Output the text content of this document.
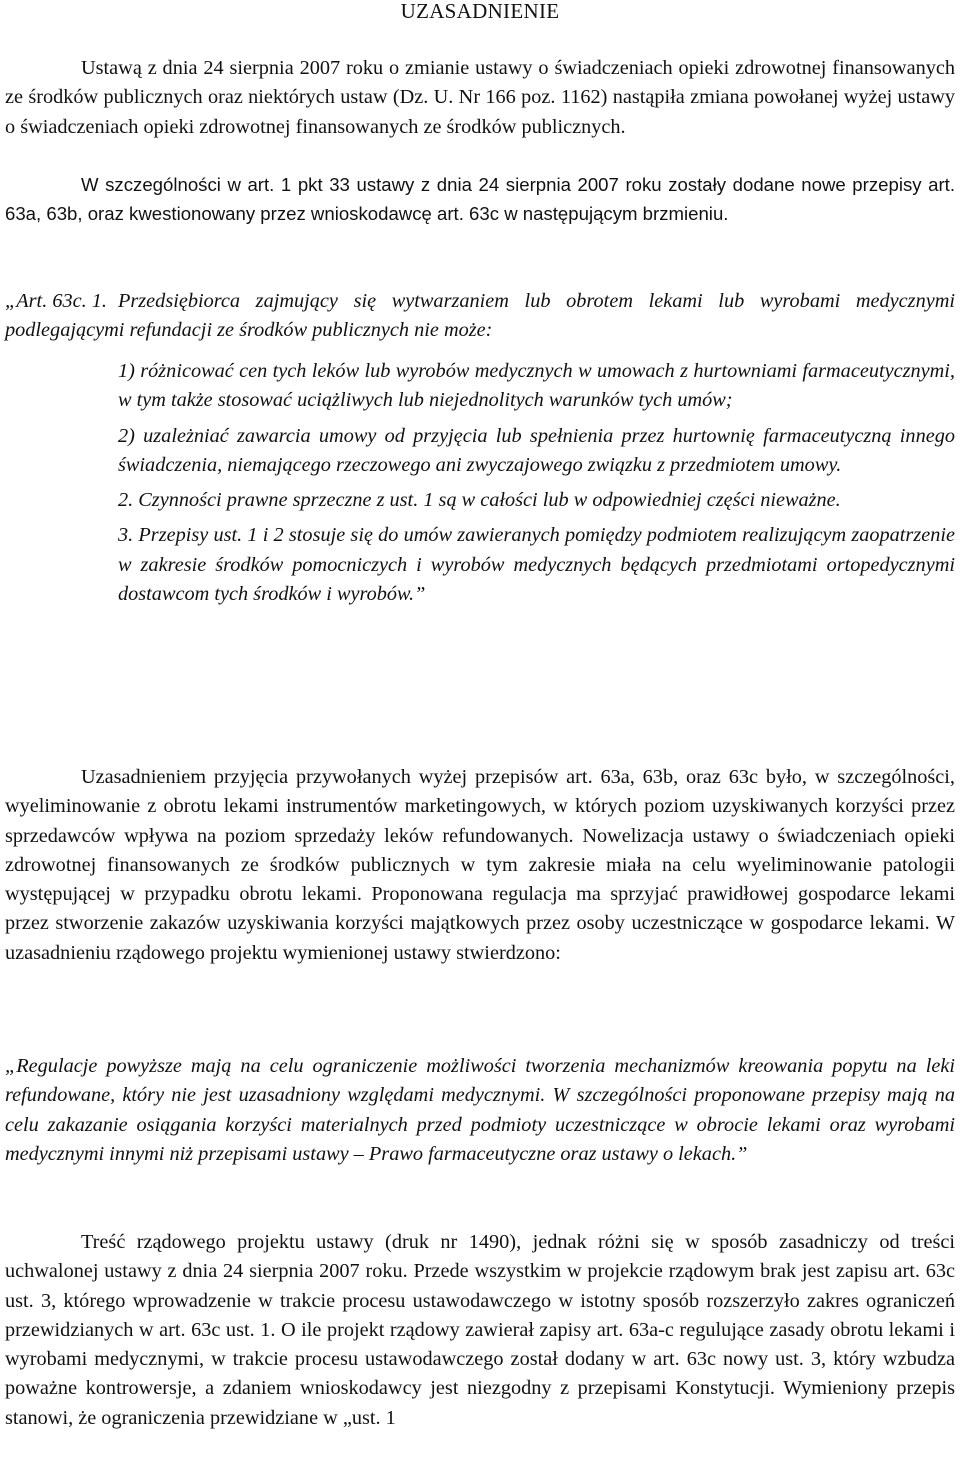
UZASADNIENIE

Ustawą z dnia 24 sierpnia 2007 roku o zmianie ustawy o świadczeniach opieki zdrowotnej finansowanych ze środków publicznych oraz niektórych ustaw (Dz. U. Nr 166 poz. 1162) nastąpiła zmiana powołanej wyżej ustawy o świadczeniach opieki zdrowotnej finansowanych ze środków publicznych.

W szczególności w art. 1 pkt 33 ustawy z dnia 24 sierpnia 2007 roku zostały dodane nowe przepisy art. 63a, 63b, oraz kwestionowany przez wnioskodawcę art. 63c w następującym brzmieniu.

„Art. 63c. 1.Przedsiębiorca zajmujący się wytwarzaniem lub obrotem lekami lub wyrobami medycznymi podlegającymi refundacji ze środków publicznych nie może:

1) różnicować cen tych leków lub wyrobów medycznych w umowach z hurtowniami farmaceutycznymi, w tym także stosować uciążliwych lub niejednolitych warunków tych umów;

2) uzależniać zawarcia umowy od przyjęcia lub spełnienia przez hurtownię farmaceutyczną innego świadczenia, niemającego rzeczowego ani zwyczajowego związku z przedmiotem umowy.

2. Czynności prawne sprzeczne z ust. 1 są w całości lub w odpowiedniej części nieważne.

3. Przepisy ust. 1 i 2 stosuje się do umów zawieranych pomiędzy podmiotem realizującym zaopatrzenie w zakresie środków pomocniczych i wyrobów medycznych będących przedmiotami ortopedycznymi dostawcom tych środków i wyrobów.”

Uzasadnieniem przyjęcia przywołanych wyżej przepisów art. 63a, 63b, oraz 63c było, w szczególności, wyeliminowanie z obrotu lekami instrumentów marketingowych, w których poziom uzyskiwanych korzyści przez sprzedawców wpływa na poziom sprzedaży leków refundowanych. Nowelizacja ustawy o świadczeniach opieki zdrowotnej finansowanych ze środków publicznych w tym zakresie miała na celu wyeliminowanie patologii występującej w przypadku obrotu lekami. Proponowana regulacja ma sprzyjać prawidłowej gospodarce lekami przez stworzenie zakazów uzyskiwania korzyści majątkowych przez osoby uczestniczące w gospodarce lekami. W uzasadnieniu rządowego projektu wymienionej ustawy stwierdzono:

„Regulacje powyższe mają na celu ograniczenie możliwości tworzenia mechanizmów kreowania popytu na leki refundowane, który nie jest uzasadniony względami medycznymi. W szczególności proponowane przepisy mają na celu zakazanie osiągania korzyści materialnych przed podmioty uczestniczące w obrocie lekami oraz wyrobami medycznymi innymi niż przepisami ustawy – Prawo farmaceutyczne oraz ustawy o lekach.”

Treść rządowego projektu ustawy (druk nr 1490), jednak różni się w sposób zasadniczy od treści uchwalonej ustawy z dnia 24 sierpnia 2007 roku. Przede wszystkim w projekcie rządowym brak jest zapisu art. 63c ust. 3, którego wprowadzenie w trakcie procesu ustawodawczego w istotny sposób rozszerzyło zakres ograniczeń przewidzianych w art. 63c ust. 1. O ile projekt rządowy zawierał zapisy art. 63a-c regulujące zasady obrotu lekami i wyrobami medycznymi, w trakcie procesu ustawodawczego został dodany w art. 63c nowy ust. 3, który wzbudza poważne kontrowersje, a zdaniem wnioskodawcy jest niezgodny z przepisami Konstytucji. Wymieniony przepis stanowi, że ograniczenia przewidziane w „ust. 1
